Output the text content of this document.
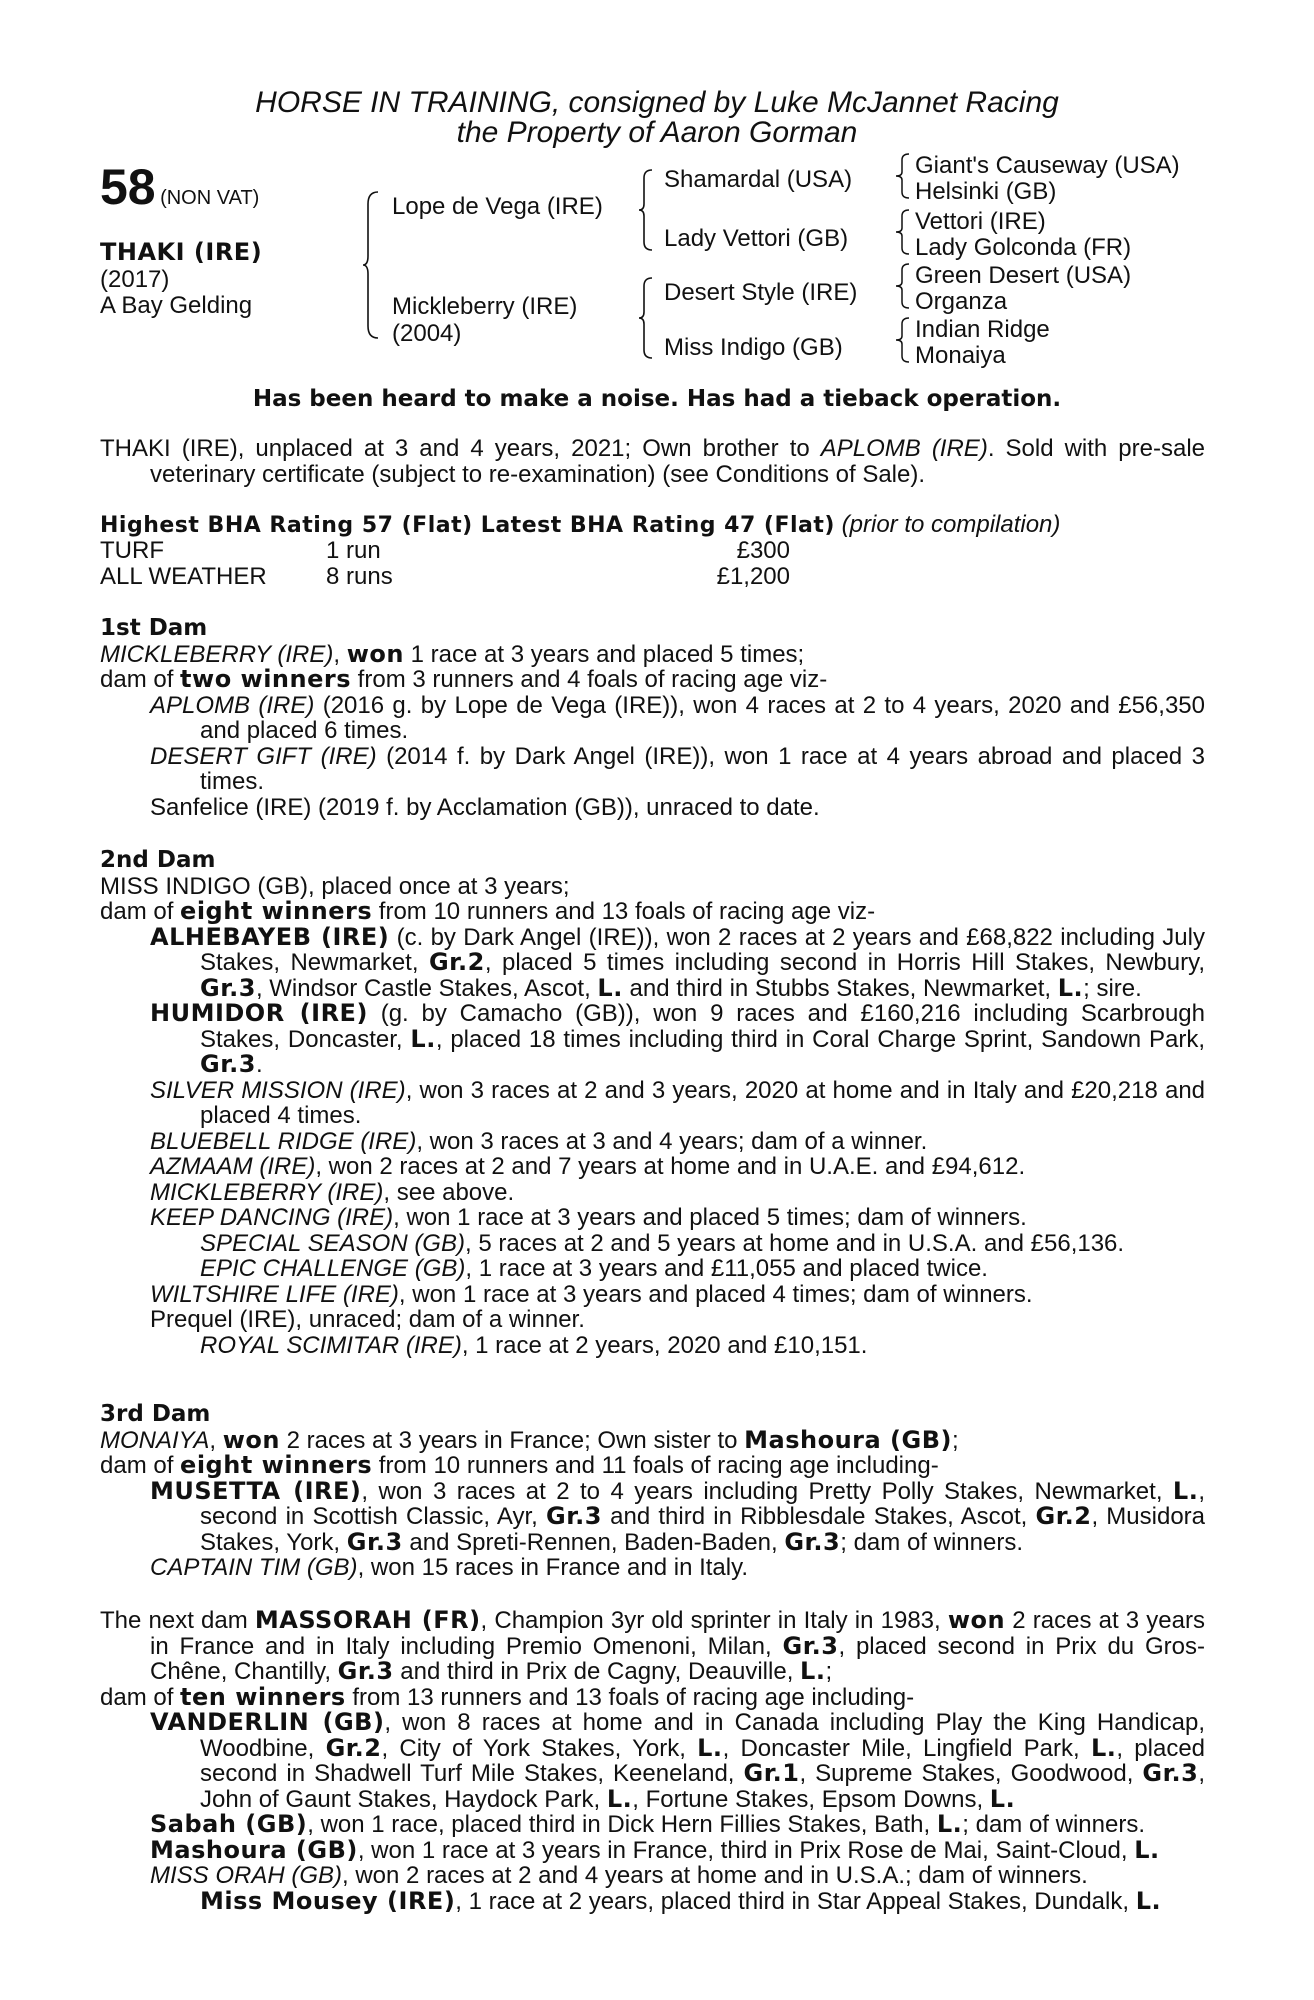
HORSE IN TRAINING, consigned by Luke McJannet Racing
the Property of Aaron Gorman
58 (NON VAT)
THAKI (IRE)
(2017)
A Bay Gelding
Lope de Vega (IRE)
Mickleberry (IRE)
(2004)
Shamardal (USA)
Lady Vettori (GB)
Desert Style (IRE)
Miss Indigo (GB)
Giant's Causeway (USA)
Helsinki (GB)
Vettori (IRE)
Lady Golconda (FR)
Green Desert (USA)
Organza
Indian Ridge
Monaiya
Has been heard to make a noise. Has had a tieback operation.

THAKI (IRE), unplaced at 3 and 4 years, 2021; Own brother to APLOMB (IRE). Sold with pre-sale veterinary certificate (subject to re-examination) (see Conditions of Sale).

Highest BHA Rating 57 (Flat) Latest BHA Rating 47 (Flat) (prior to compilation)
TURF	1 run	£300
ALL WEATHER 8 runs	£1,200

1st Dam

MICKLEBERRY (IRE), won 1 race at 3 years and placed 5 times;

dam of two winners from 3 runners and 4 foals of racing age viz-

APLOMB (IRE) (2016 g. by Lope de Vega (IRE)), won 4 races at 2 to 4 years, 2020 and £56,350 and placed 6 times.

DESERT GIFT (IRE) (2014 f. by Dark Angel (IRE)), won 1 race at 4 years abroad and placed 3 times.

Sanfelice (IRE) (2019 f. by Acclamation (GB)), unraced to date.

2nd Dam

MISS INDIGO (GB), placed once at 3 years;

dam of eight winners from 10 runners and 13 foals of racing age viz-

ALHEBAYEB (IRE) (c. by Dark Angel (IRE)), won 2 races at 2 years and £68,822 including July Stakes, Newmarket, Gr.2, placed 5 times including second in Horris Hill Stakes, Newbury, Gr.3, Windsor Castle Stakes, Ascot, L. and third in Stubbs Stakes, Newmarket, L.; sire.

HUMIDOR (IRE) (g. by Camacho (GB)), won 9 races and £160,216 including Scarbrough Stakes, Doncaster, L., placed 18 times including third in Coral Charge Sprint, Sandown Park, Gr.3.

SILVER MISSION (IRE), won 3 races at 2 and 3 years, 2020 at home and in Italy and £20,218 and placed 4 times.

BLUEBELL RIDGE (IRE), won 3 races at 3 and 4 years; dam of a winner.

AZMAAM (IRE), won 2 races at 2 and 7 years at home and in U.A.E. and £94,612.

MICKLEBERRY (IRE), see above.

KEEP DANCING (IRE), won 1 race at 3 years and placed 5 times; dam of winners.

SPECIAL SEASON (GB), 5 races at 2 and 5 years at home and in U.S.A. and £56,136.

EPIC CHALLENGE (GB), 1 race at 3 years and £11,055 and placed twice.

WILTSHIRE LIFE (IRE), won 1 race at 3 years and placed 4 times; dam of winners.

Prequel (IRE), unraced; dam of a winner.

ROYAL SCIMITAR (IRE), 1 race at 2 years, 2020 and £10,151.

3rd Dam

MONAIYA, won 2 races at 3 years in France; Own sister to Mashoura (GB);

dam of eight winners from 10 runners and 11 foals of racing age including-

MUSETTA (IRE), won 3 races at 2 to 4 years including Pretty Polly Stakes, Newmarket, L., second in Scottish Classic, Ayr, Gr.3 and third in Ribblesdale Stakes, Ascot, Gr.2, Musidora Stakes, York, Gr.3 and Spreti-Rennen, Baden-Baden, Gr.3; dam of winners.

CAPTAIN TIM (GB), won 15 races in France and in Italy.

The next dam MASSORAH (FR), Champion 3yr old sprinter in Italy in 1983, won 2 races at 3 years in France and in Italy including Premio Omenoni, Milan, Gr.3, placed second in Prix du Gros-Chêne, Chantilly, Gr.3 and third in Prix de Cagny, Deauville, L.;

dam of ten winners from 13 runners and 13 foals of racing age including-

VANDERLIN (GB), won 8 races at home and in Canada including Play the King Handicap, Woodbine, Gr.2, City of York Stakes, York, L., Doncaster Mile, Lingfield Park, L., placed second in Shadwell Turf Mile Stakes, Keeneland, Gr.1, Supreme Stakes, Goodwood, Gr.3, John of Gaunt Stakes, Haydock Park, L., Fortune Stakes, Epsom Downs, L.

Sabah (GB), won 1 race, placed third in Dick Hern Fillies Stakes, Bath, L.; dam of winners.

Mashoura (GB), won 1 race at 3 years in France, third in Prix Rose de Mai, Saint-Cloud, L.

MISS ORAH (GB), won 2 races at 2 and 4 years at home and in U.S.A.; dam of winners.

Miss Mousey (IRE), 1 race at 2 years, placed third in Star Appeal Stakes, Dundalk, L.
